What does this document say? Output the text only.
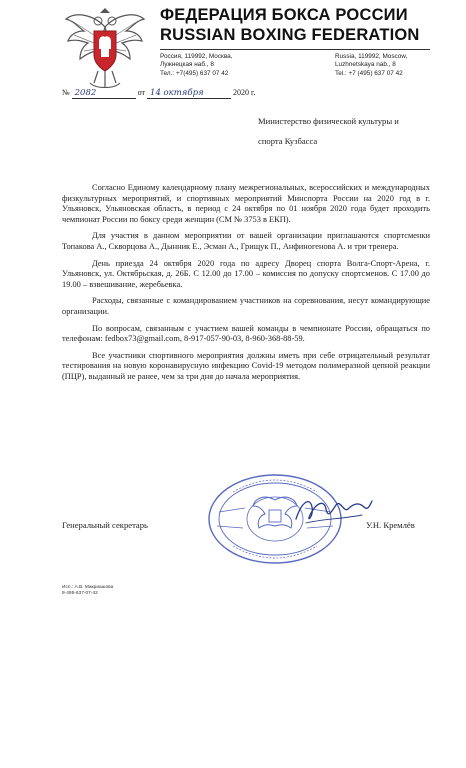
ФЕДЕРАЦИЯ БОКСА РОССИИ
RUSSIAN BOXING FEDERATION
Россия, 119992, Москва,
Лужнецкая наб., 8
Тел.: +7(495) 637 07 42
Russia, 119992, Moscow,
Luzhnetskaya nab., 8
Tel.: +7 (495) 637 07 42
№ 2082	от 14 октября	2020 г.
Министерство физической культуры и
спорта Кузбасса

Согласно Единому календарному плану межрегиональных, всероссийских и международных физкультурных мероприятий, и спортивных мероприятий Минспорта России на 2020 год в г. Ульяновск, Ульяновская область, в период с 24 октября по 01 ноября 2020 года будет проходить чемпионат России по боксу среди женщин (СМ № 3753 в ЕКП).

Для участия в данном мероприятии от вашей организации приглашаются спортсменки Топакова А., Скворцова А., Дынник Е., Эсман А., Грищук П., Анфиногенова А. и три тренера.

День приезда 24 октября 2020 года по адресу Дворец спорта Волга-Спорт-Арена, г. Ульяновск, ул. Октябрьская, д. 26Б. С 12.00 до 17.00 – комиссия по допуску спортсменов. С 17.00 до 19.00 – взвешивание, жеребьевка.

Расходы, связанные с командированием участников на соревнования, несут командирующие организации.

По вопросам, связанным с участием вашей команды в чемпионате России, обращаться по телефонам: fedbox73@gmail.com, 8-917-057-90-03, 8-960-368-88-59.

Все участники спортивного мероприятия должны иметь при себе отрицательный результат тестирования на новую коронавирусную инфекцию Covid-19 методом полимеразной цепной реакции (ПЦР), выданный не ранее, чем за три дня до начала мероприятия.

Генеральный секретарь	У.Н. Кремлёв
Исп.: А.В. Макриашова
8-495-637-07-42
